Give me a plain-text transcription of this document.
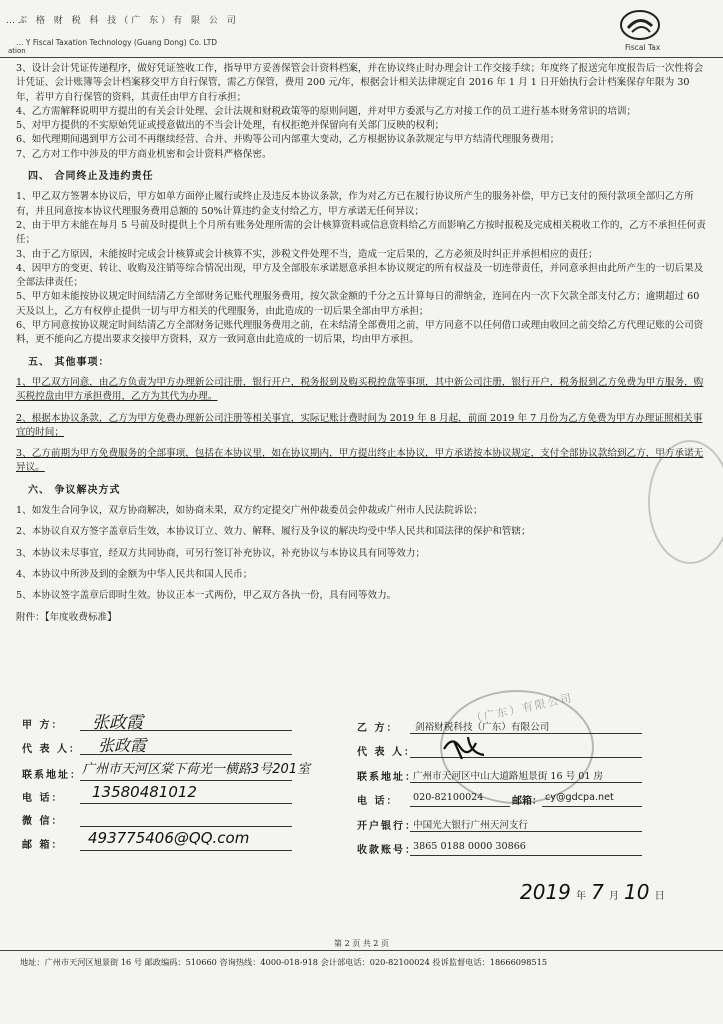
…ぶ 格 财 税 科 技（广 东）有 限 公 司
… Y Fiscal Taxation Technology (Guang Dong) Co. LTD
ation	Fiscal Tax

3、设计会计凭证传递程序，做好凭证签收工作，指导甲方妥善保管会计资料档案，并在协议终止时办理会计工作交接手续；年度终了报送完年度报告后一次性将会计凭证、会计账簿等会计档案移交甲方自行保管，需乙方保管，费用 200 元/年，根据会计相关法律规定自 2016 年 1 月 1 日开始执行会计档案保存年限为 30 年，若甲方自行保管的资料，其责任由甲方自行承担；

4、乙方需解释说明甲方提出的有关会计处理、会计法规和财税政策等的原则问题，并对甲方委派与乙方对接工作的员工进行基本财务常识的培训；

5、对甲方提供的不实原始凭证或授意做出的不当会计处理，有权拒绝并保留向有关部门反映的权利；

6、如代理期间遇到甲方公司不再继续经营、合并、并购等公司内部重大变动，乙方根据协议条款规定与甲方结清代理服务费用；

7、乙方对工作中涉及的甲方商业机密和会计资料严格保密。

四、 合同终止及违约责任

1、甲乙双方签署本协议后，甲方如单方面停止履行或终止及违反本协议条款，作为对乙方已在履行协议所产生的服务补偿，甲方已支付的预付款项全部归乙方所有，并且同意按本协议代理服务费用总额的 50%计算违约金支付给乙方，甲方承诺无任何异议；

2、由于甲方未能在每月 5 号前及时提供上个月所有账务处理所需的会计核算资料或信息资料给乙方而影响乙方按时报税及完成相关税收工作的，乙方不承担任何责任；

3、由于乙方原因，未能按时完成会计核算或会计核算不实，涉税文件处理不当，造成一定后果的，乙方必须及时纠正并承担相应的责任；

4、因甲方的变更、转让、收购及注销等综合情况出现，甲方及全部股东承诺愿意承担本协议规定的所有权益及一切连带责任，并同意承担由此所产生的一切后果及全部法律责任；

5、甲方如未能按协议规定时间结清乙方全部财务记账代理服务费用，按欠款金额的千分之五计算每日的滞纳金，连同在内一次下欠款全部支付乙方；逾期超过 60 天及以上，乙方有权停止提供一切与甲方相关的代理服务，由此造成的一切后果全部由甲方承担；

6、甲方同意按协议规定时间结清乙方全部财务记账代理服务费用之前，在未结清全部费用之前，甲方同意不以任何借口或理由收回之前交给乙方代理记账的公司资料，更不能向乙方提出要求交接甲方资料，双方一致同意由此造成的一切后果，均由甲方承担。

五、 其他事项：

1、甲乙双方同意，由乙方负责为甲方办理新公司注册，银行开户，税务报到及购买税控盘等事项，其中新公司注册，银行开户，税务报到乙方免费为甲方服务，购买税控盘由甲方承担费用，乙方为其代为办理。

2、根据本协议条款，乙方为甲方免费办理新公司注册等相关事宜，实际记账计费时间为 2019 年 8 月起，前面 2019 年 7 月份为乙方免费为甲方办理证照相关事宜的时间；

3、乙方前期为甲方免费服务的全部事项，包括在本协议里，如在协议期内，甲方提出终止本协议，甲方承诺按本协议规定，支付全部协议款给到乙方，甲方承诺无异议。

六、 争议解决方式

1、如发生合同争议，双方协商解决，如协商未果，双方约定提交广州仲裁委员会仲裁或广州市人民法院诉讼；

2、本协议自双方签字盖章后生效，本协议订立、效力、解释、履行及争议的解决均受中华人民共和国法律的保护和管辖；

3、本协议未尽事宜，经双方共同协商，可另行签订补充协议，补充协议与本协议具有同等效力；

4、本协议中所涉及到的金额为中华人民共和国人民币；

5、本协议签字盖章后即时生效。协议正本一式两份，甲乙双方各执一份，具有同等效力。

附件：【年度收费标准】

甲 方： 张政霞
代 表 人： 张政霞
联系地址： 广州市天河区棠下荷光一横路3号201室
电 话： 13580481012
微 信：
邮 箱： 493775406@QQ.com
（广东）有限公司
乙 方： 剑裕财税科技（广东）有限公司
代 表 人：
联系地址：
广州市天河区中山大道路旭景街 16 号 01 房
电 话： 020-82100024	邮箱： cy@gdcpa.net
开户银行：
中国光大银行广州天河支行
收款账号：
3865 0188 0000 30866
2019 年 7 月 10 日
第 2 页 共 2 页
地址：广州市天河区旭景街 16 号 邮政编码：510660 咨询热线：4000-018-918 会计部电话：020-82100024 投诉监督电话：18666098515
